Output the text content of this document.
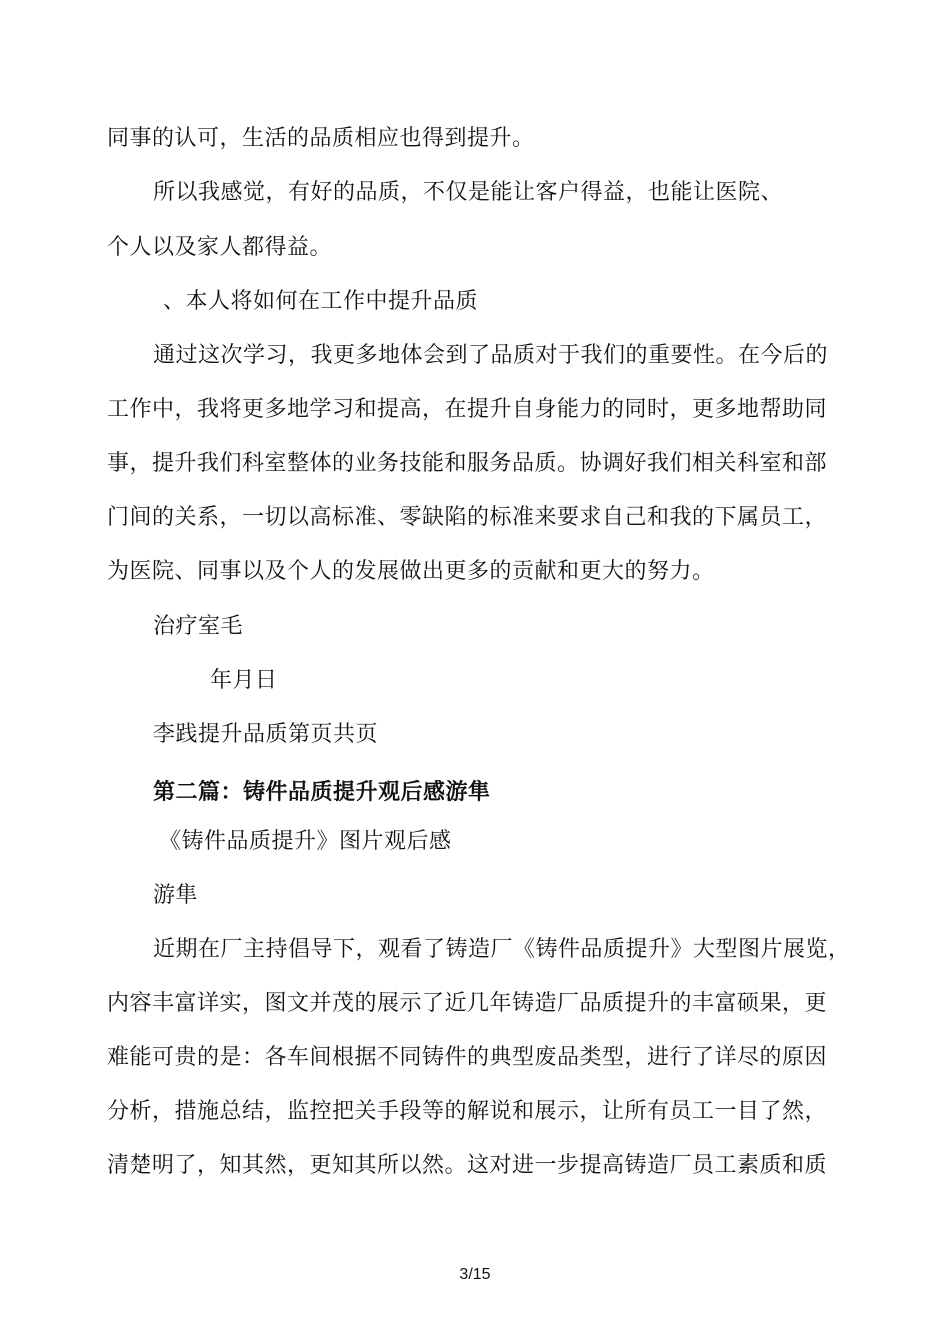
同事的认可，生活的品质相应也得到提升。
所以我感觉，有好的品质，不仅是能让客户得益，也能让医院、
个人以及家人都得益。
、本人将如何在工作中提升品质
通过这次学习，我更多地体会到了品质对于我们的重要性。在今后的
工作中，我将更多地学习和提高，在提升自身能力的同时，更多地帮助同
事，提升我们科室整体的业务技能和服务品质。协调好我们相关科室和部
门间的关系，一切以高标准、零缺陷的标准来要求自己和我的下属员工，
为医院、同事以及个人的发展做出更多的贡献和更大的努力。
治疗室毛
年月日
李践提升品质第页共页
第二篇：铸件品质提升观后感游隼
《铸件品质提升》图片观后感
游隼
近期在厂主持倡导下，观看了铸造厂《铸件品质提升》大型图片展览，
内容丰富详实，图文并茂的展示了近几年铸造厂品质提升的丰富硕果，更
难能可贵的是：各车间根据不同铸件的典型废品类型，进行了详尽的原因
分析，措施总结，监控把关手段等的解说和展示，让所有员工一目了然，
清楚明了，知其然，更知其所以然。这对进一步提高铸造厂员工素质和质
3/15
